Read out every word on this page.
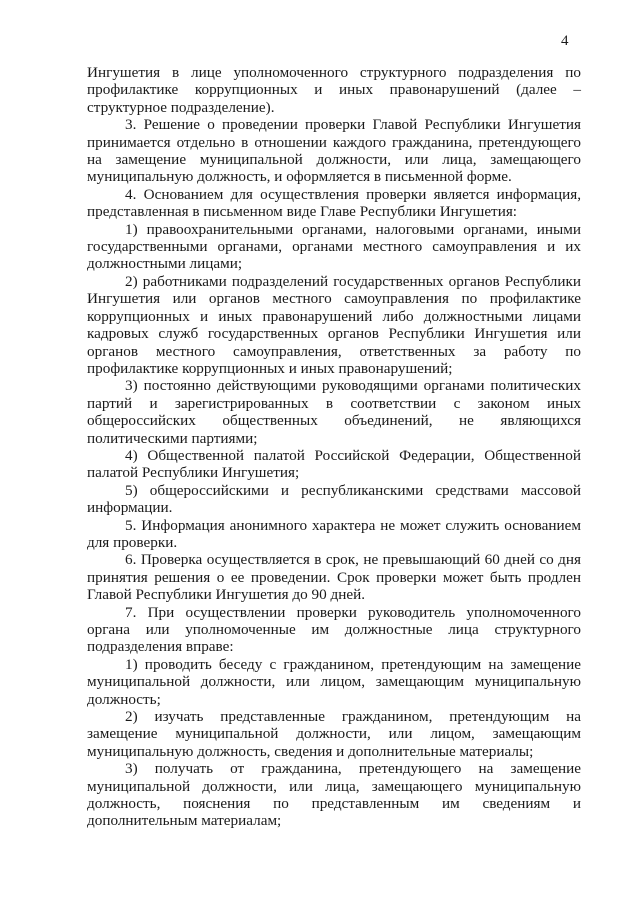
4

Ингушетия в лице уполномоченного структурного подразделения по профилактике коррупционных и иных правонарушений (далее – структурное подразделение).

3. Решение о проведении проверки Главой Республики Ингушетия принимается отдельно в отношении каждого гражданина, претендующего на замещение муниципальной должности, или лица, замещающего муниципальную должность, и оформляется в письменной форме.

4. Основанием для осуществления проверки является информация, представленная в письменном виде Главе Республики Ингушетия:

1) правоохранительными органами, налоговыми органами, иными государственными органами, органами местного самоуправления и их должностными лицами;

2) работниками подразделений государственных органов Республики Ингушетия или органов местного самоуправления по профилактике коррупционных и иных правонарушений либо должностными лицами кадровых служб государственных органов Республики Ингушетия или органов местного самоуправления, ответственных за работу по профилактике коррупционных и иных правонарушений;

3) постоянно действующими руководящими органами политических партий и зарегистрированных в соответствии с законом иных общероссийских общественных объединений, не являющихся политическими партиями;

4) Общественной палатой Российской Федерации, Общественной палатой Республики Ингушетия;

5) общероссийскими и республиканскими средствами массовой информации.

5. Информация анонимного характера не может служить основанием для проверки.

6. Проверка осуществляется в срок, не превышающий 60 дней со дня принятия решения о ее проведении. Срок проверки может быть продлен Главой Республики Ингушетия до 90 дней.

7. При осуществлении проверки руководитель уполномоченного органа или уполномоченные им должностные лица структурного подразделения вправе:

1) проводить беседу с гражданином, претендующим на замещение муниципальной должности, или лицом, замещающим муниципальную должность;

2) изучать представленные гражданином, претендующим на замещение муниципальной должности, или лицом, замещающим муниципальную должность, сведения и дополнительные материалы;

3) получать от гражданина, претендующего на замещение муниципальной должности, или лица, замещающего муниципальную должность, пояснения по представленным им сведениям и дополнительным материалам;
